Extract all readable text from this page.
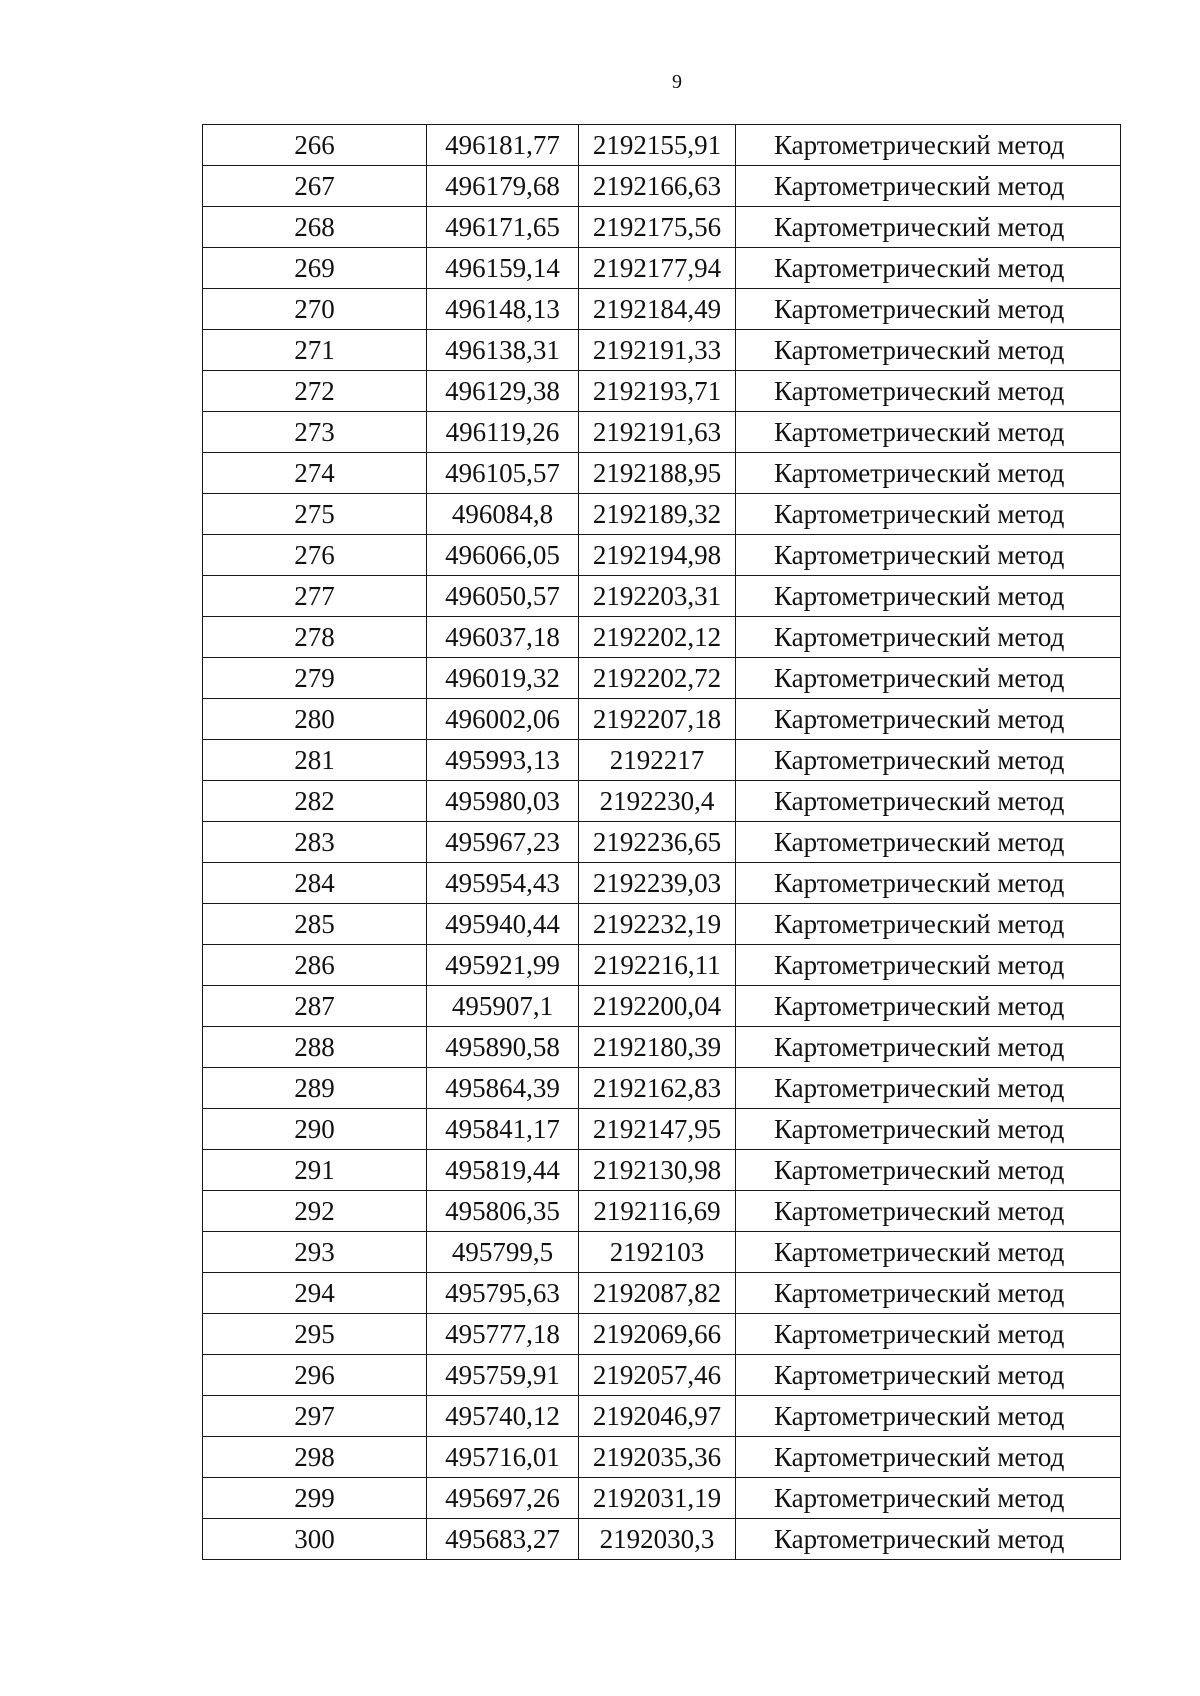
9
266	496181,77	2192155,91	Картометрический метод
267	496179,68	2192166,63	Картометрический метод
268	496171,65	2192175,56	Картометрический метод
269	496159,14	2192177,94	Картометрический метод
270	496148,13	2192184,49	Картометрический метод
271	496138,31	2192191,33	Картометрический метод
272	496129,38	2192193,71	Картометрический метод
273	496119,26	2192191,63	Картометрический метод
274	496105,57	2192188,95	Картометрический метод
275	496084,8	2192189,32	Картометрический метод
276	496066,05	2192194,98	Картометрический метод
277	496050,57	2192203,31	Картометрический метод
278	496037,18	2192202,12	Картометрический метод
279	496019,32	2192202,72	Картометрический метод
280	496002,06	2192207,18	Картометрический метод
281	495993,13	2192217	Картометрический метод
282	495980,03	2192230,4	Картометрический метод
283	495967,23	2192236,65	Картометрический метод
284	495954,43	2192239,03	Картометрический метод
285	495940,44	2192232,19	Картометрический метод
286	495921,99	2192216,11	Картометрический метод
287	495907,1	2192200,04	Картометрический метод
288	495890,58	2192180,39	Картометрический метод
289	495864,39	2192162,83	Картометрический метод
290	495841,17	2192147,95	Картометрический метод
291	495819,44	2192130,98	Картометрический метод
292	495806,35	2192116,69	Картометрический метод
293	495799,5	2192103	Картометрический метод
294	495795,63	2192087,82	Картометрический метод
295	495777,18	2192069,66	Картометрический метод
296	495759,91	2192057,46	Картометрический метод
297	495740,12	2192046,97	Картометрический метод
298	495716,01	2192035,36	Картометрический метод
299	495697,26	2192031,19	Картометрический метод
300	495683,27	2192030,3	Картометрический метод
